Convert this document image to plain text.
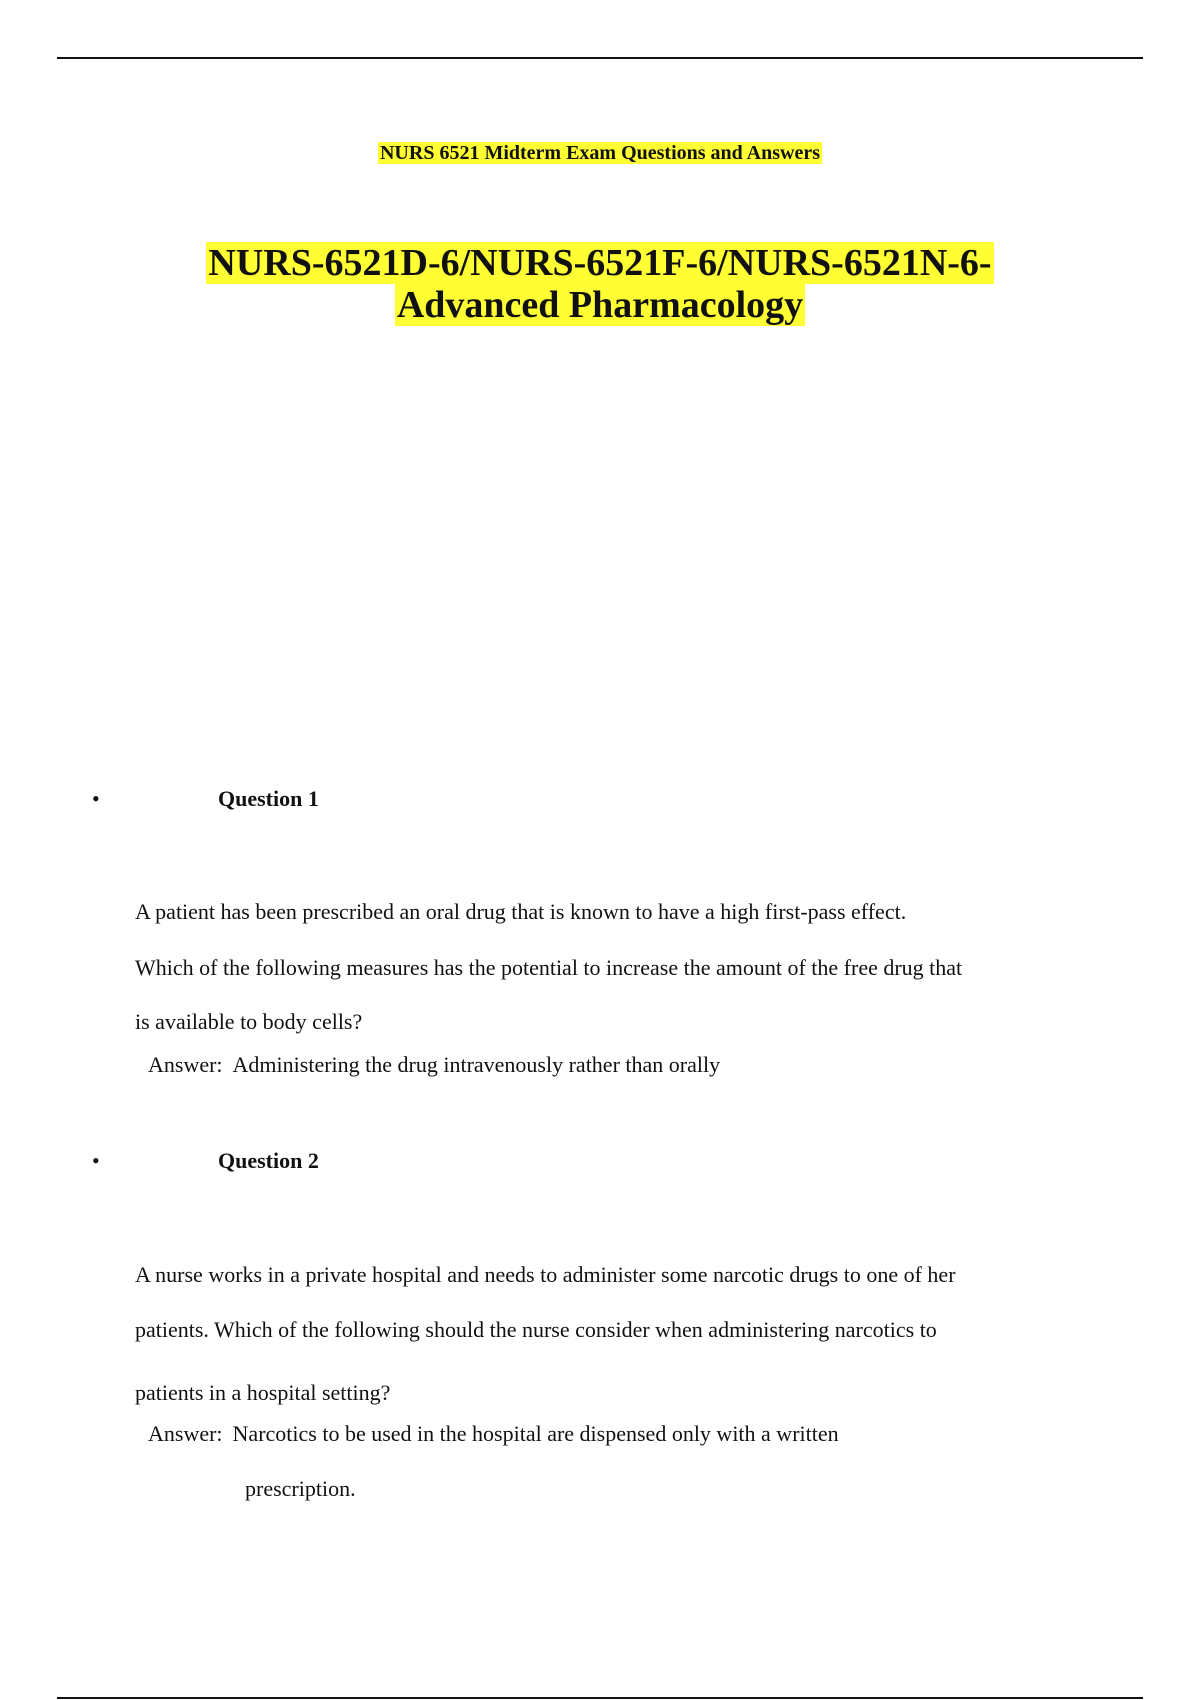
NURS 6521 Midterm Exam Questions and Answers
NURS-6521D-6/NURS-6521F-6/NURS-6521N-6-
Advanced Pharmacology
•	Question 1
A patient has been prescribed an oral drug that is known to have a high first-pass effect.
Which of the following measures has the potential to increase the amount of the free drug that
is available to body cells?
Answer: Administering the drug intravenously rather than orally
•	Question 2
A nurse works in a private hospital and needs to administer some narcotic drugs to one of her
patients. Which of the following should the nurse consider when administering narcotics to
patients in a hospital setting?
Answer: Narcotics to be used in the hospital are dispensed only with a written
prescription.
